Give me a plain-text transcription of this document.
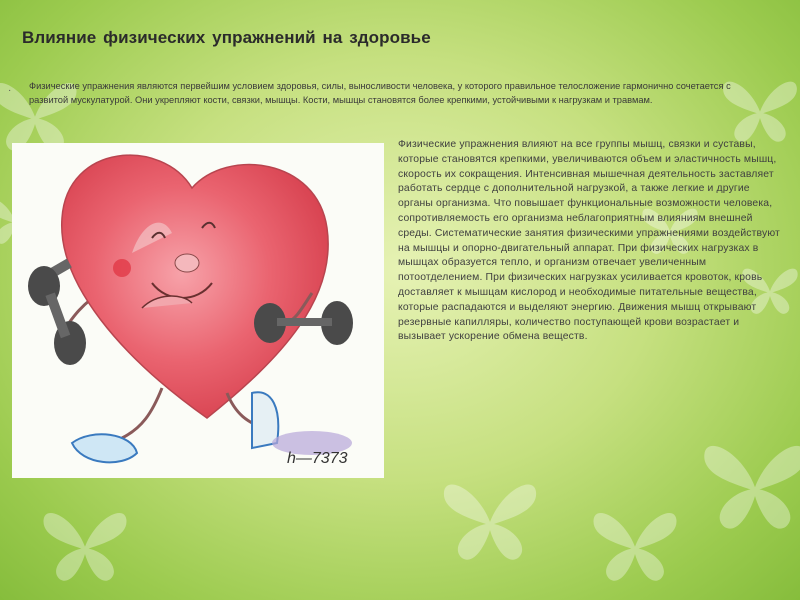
Влияние физических упражнений на здоровье
· Физические упражнения являются первейшим условием здоровья, силы, выносливости человека, у которого правильное телосложение гармонично сочетается с развитой мускулатурой. Они укрепляют кости, связки, мышцы. Кости, мышцы становятся более крепкими, устойчивыми к нагрузкам и травмам.
h—7373
Физические упражнения влияют на все группы мышц, связки и суставы, которые становятся крепкими, увеличиваются объем и эластичность мышц, скорость их сокращения. Интенсивная мышечная деятельность заставляет работать сердце с дополнительной нагрузкой, а также легкие и другие органы организма. Что повышает функциональные возможности человека, сопротивляемость его организма неблагоприятным влияниям внешней среды. Систематические занятия физическими упражнениями воздействуют на мышцы и опорно-двигательный аппарат. При физических нагрузках в мышцах образуется тепло, и организм отвечает увеличенным потоотделением. При физических нагрузках усиливается кровоток, кровь доставляет к мышцам кислород и необходимые питательные вещества, которые распадаются и выделяют энергию. Движения мышц открывают резервные капилляры, количество поступающей крови возрастает и вызывает ускорение обмена веществ.
